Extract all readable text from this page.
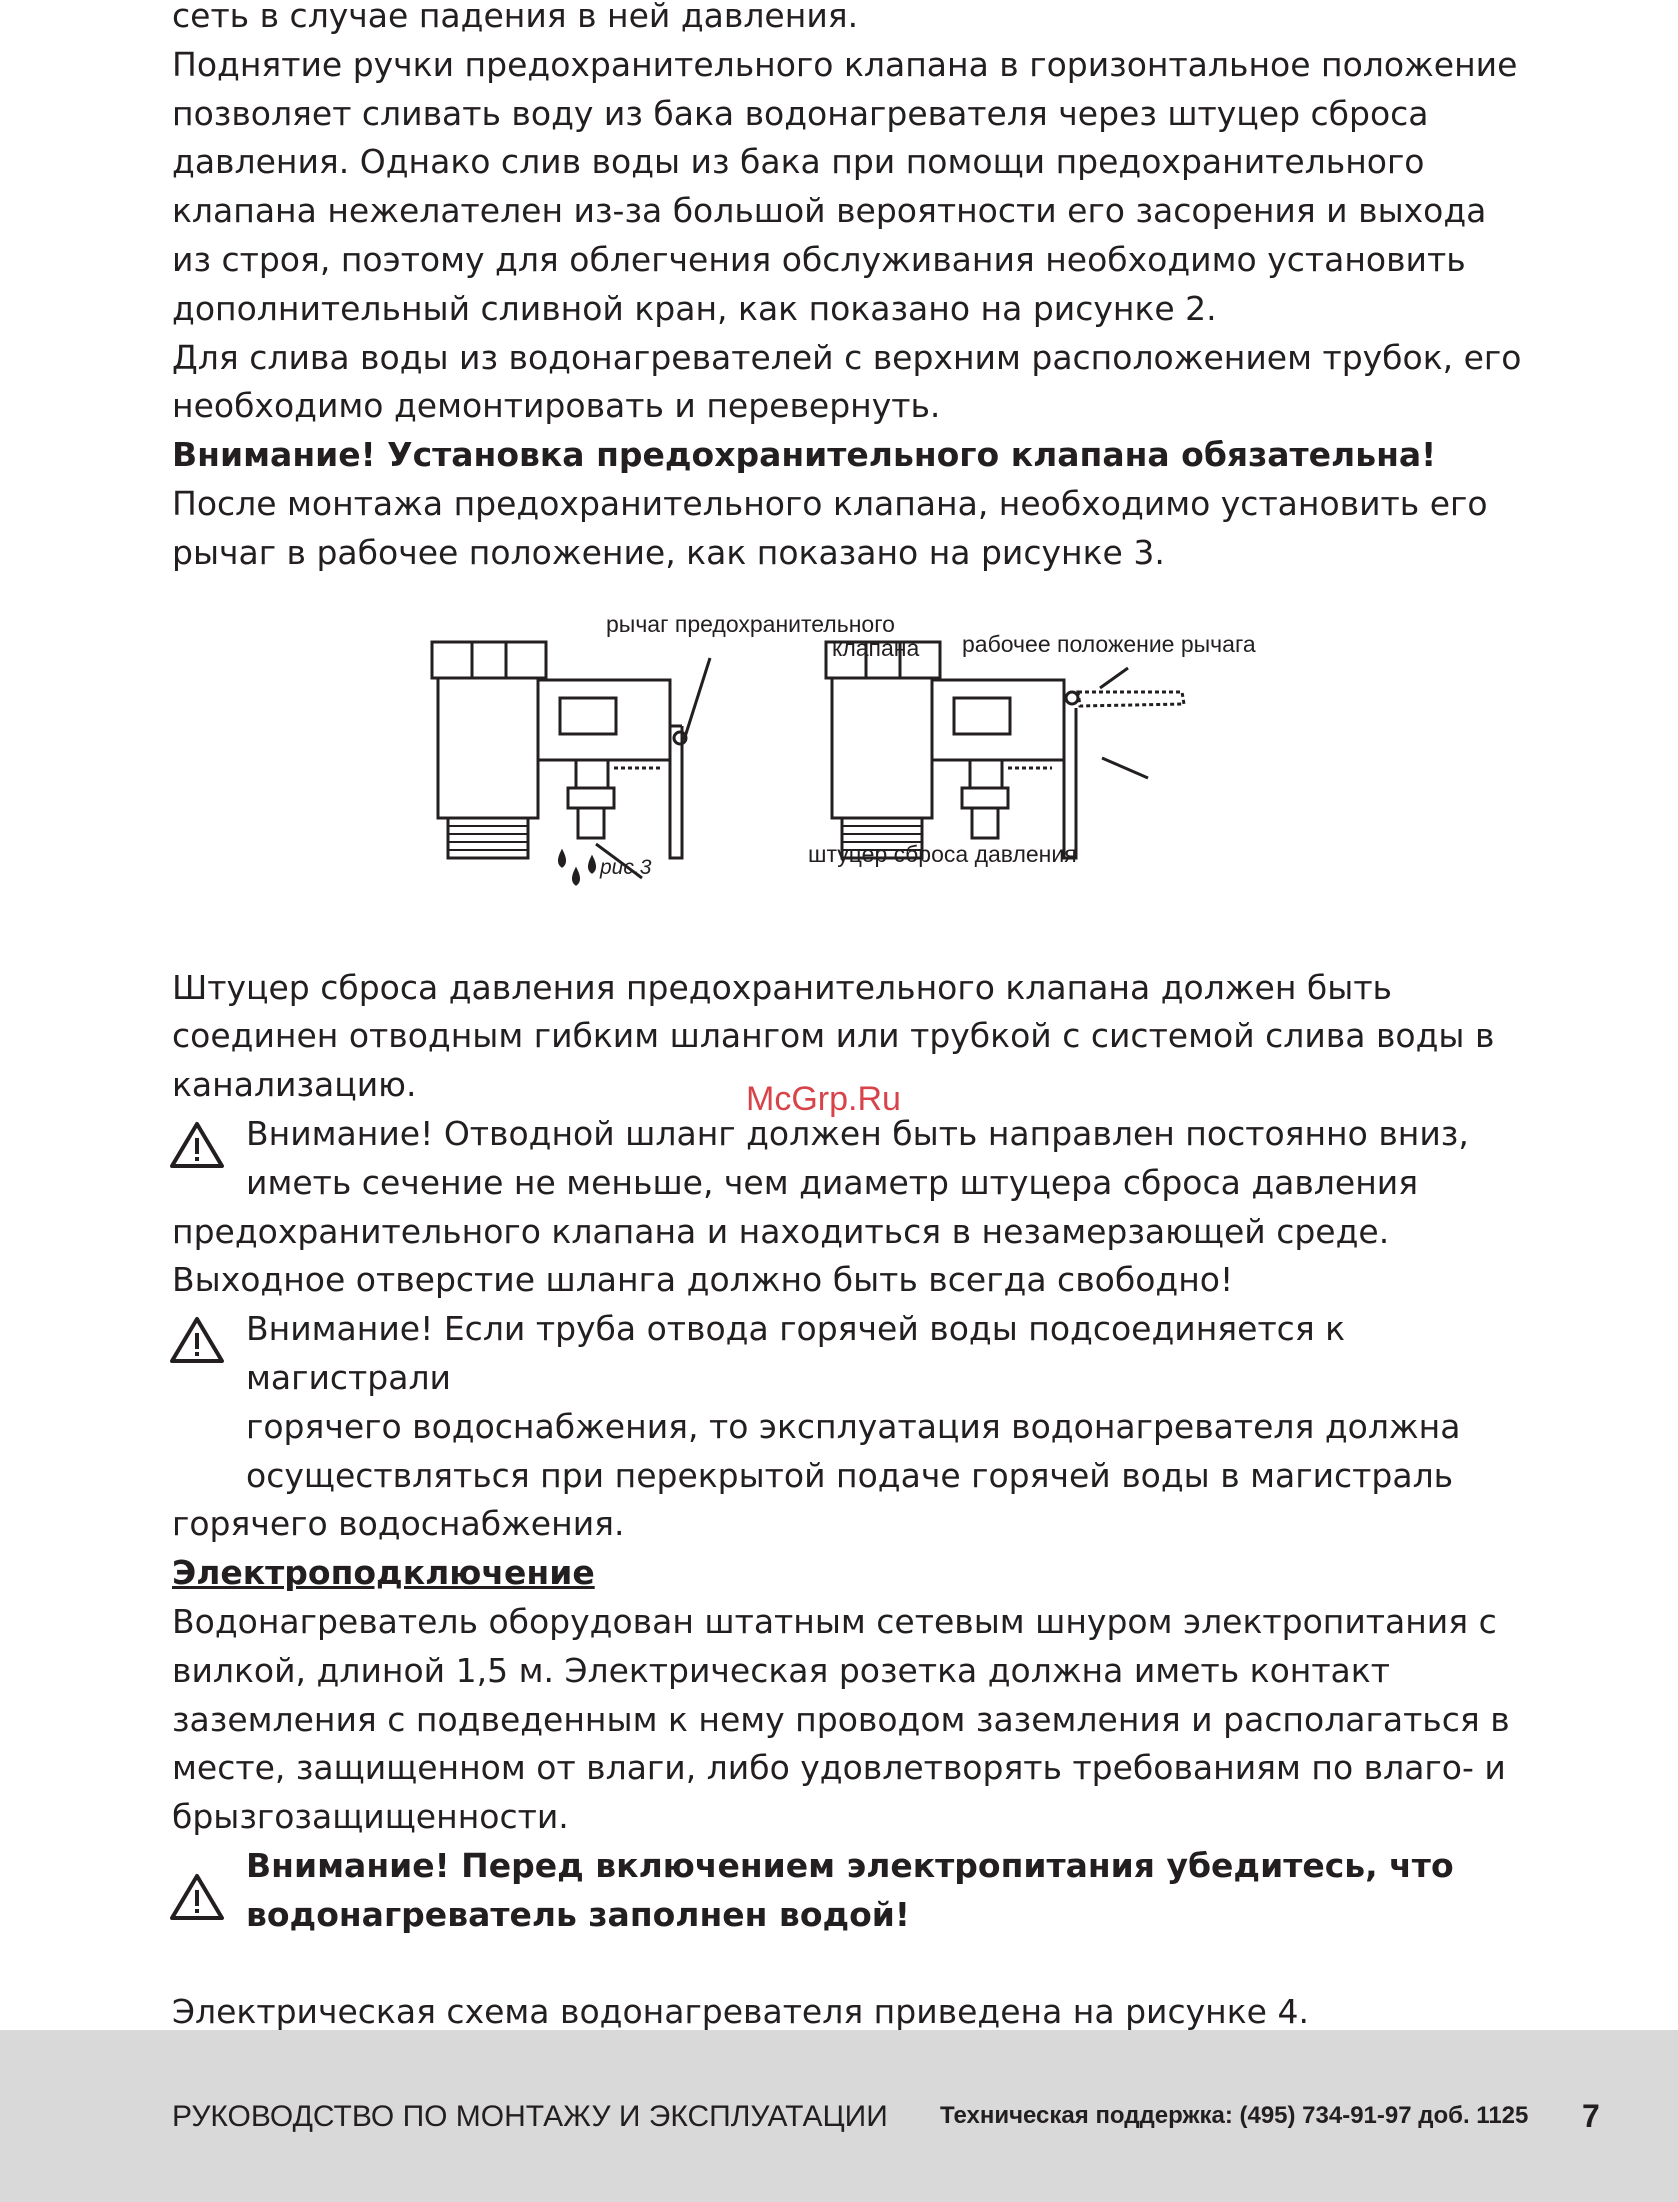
сеть в случае падения в ней давления.

Поднятие ручки предохранительного клапана в горизонтальное положение позволяет сливать воду из бака водонагревателя через штуцер сброса давления. Однако слив воды из бака при помощи предохранительного клапана нежелателен из-за большой вероятности его засорения и выхода из строя, поэтому для облегчения обслуживания необходимо установить дополнительный сливной кран, как показано на рисунке 2.

Для слива воды из водонагревателей с верхним расположением трубок, его необходимо демонтировать и перевернуть.

Внимание! Установка предохранительного клапана обязательна!

После монтажа предохранительного клапана, необходимо установить его рычаг в рабочее положение, как показано на рисунке 3.

рычаг предохранительного
клапана рабочее положение рычага
штуцер сброса давления
рис.3

Штуцер сброса давления предохранительного клапана должен быть соединен отводным гибким шлангом или трубкой с системой слива воды в канализацию.

Внимание! Отводной шланг должен быть направлен постоянно вниз,

иметь сечение не меньше, чем диаметр штуцера сброса давления

предохранительного клапана и находиться в незамерзающей среде.

Выходное отверстие шланга должно быть всегда свободно!

Внимание! Если труба отвода горячей воды подсоединяется к магистрали

горячего водоснабжения, то эксплуатация водонагревателя должна

осуществляться при перекрытой подаче горячей воды в магистраль

горячего водоснабжения.

Электроподключение

Водонагреватель оборудован штатным сетевым шнуром электропитания с вилкой, длиной 1,5 м. Электрическая розетка должна иметь контакт заземления с подведенным к нему проводом заземления и располагаться в месте, защищенном от влаги, либо удовлетворять требованиям по влаго- и брызгозащищенности.

Внимание! Перед включением электропитания убедитесь, что

водонагреватель заполнен водой!

Электрическая схема водонагревателя приведена на рисунке 4.

McGrp.Ru
РУКОВОДСТВО ПО МОНТАЖУ И ЭКСПЛУАТАЦИИ Техническая поддержка: (495) 734-91-97 доб. 1125 7
